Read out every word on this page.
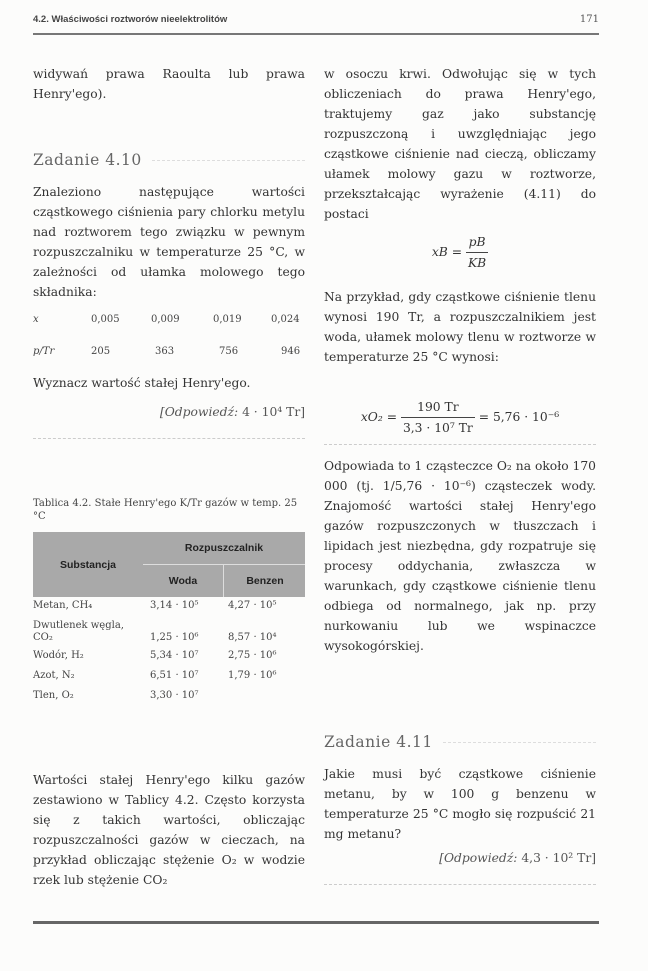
4.2. Właściwości roztworów nieelektrolitów	171
widywań prawa Raoulta lub prawa Henry'ego).
Zadanie 4.10
Znaleziono następujące wartości cząstkowego ciśnienia pary chlorku metylu nad roztworem tego związku w pewnym rozpuszczalniku w temperaturze 25 °C, w zależności od ułamka molowego tego składnika:
x	0,005	0,009	0,019	0,024
p/Tr	205	363	756	946
Wyznacz wartość stałej Henry'ego.
[Odpowiedź: 4 · 10⁴ Tr]
Tablica 4.2. Stałe Henry'ego K/Tr gazów w temp. 25 °C
Substancja
Rozpuszczalnik
Woda	Benzen
Metan, CH₄	3,14 · 10⁵	4,27 · 10⁵
Dwutlenek węgla, CO₂	1,25 · 10⁶	8,57 · 10⁴
Wodór, H₂	5,34 · 10⁷	2,75 · 10⁶
Azot, N₂	6,51 · 10⁷	1,79 · 10⁶
Tlen, O₂	3,30 · 10⁷
Wartości stałej Henry'ego kilku gazów zestawiono w Tablicy 4.2. Często korzysta się z takich wartości, obliczając rozpuszczalności gazów w cieczach, na przykład obliczając stężenie O₂ w wodzie rzek lub stężenie CO₂
w osoczu krwi. Odwołując się w tych obliczeniach do prawa Henry'ego, traktujemy gaz jako substancję rozpuszczoną i uwzględniając jego cząstkowe ciśnienie nad cieczą, obliczamy ułamek molowy gazu w roztworze, przekształcając wyrażenie (4.11) do postaci
xB = $\frac{pB}{KB}$
Na przykład, gdy cząstkowe ciśnienie tlenu wynosi 190 Tr, a rozpuszczalnikiem jest woda, ułamek molowy tlenu w roztworze w temperaturze 25 °C wynosi:
$xO_2 = \frac{190 Tr}{\text{3,3 · 10⁷ Tr}} = 5,76 \cdot 10^{-6}$
Odpowiada to 1 cząsteczce O₂ na około 170 000 (tj. 1/5,76 · 10⁻⁶) cząsteczek wody. Znajomość wartości stałej Henry'ego gazów rozpuszczonych w tłuszczach i lipidach jest niezbędna, gdy rozpatruje się procesy oddychania, zwłaszcza w warunkach, gdy cząstkowe ciśnienie tlenu odbiega od normalnego, jak np. przy nurkowaniu lub we wspinaczce wysokogórskiej.
Zadanie 4.11
Jakie musi być cząstkowe ciśnienie metanu, by w 100 g benzenu w temperaturze 25 °C mogło się rozpuścić 21 mg metanu?
[Odpowiedź: 4,3 · 10² Tr]
